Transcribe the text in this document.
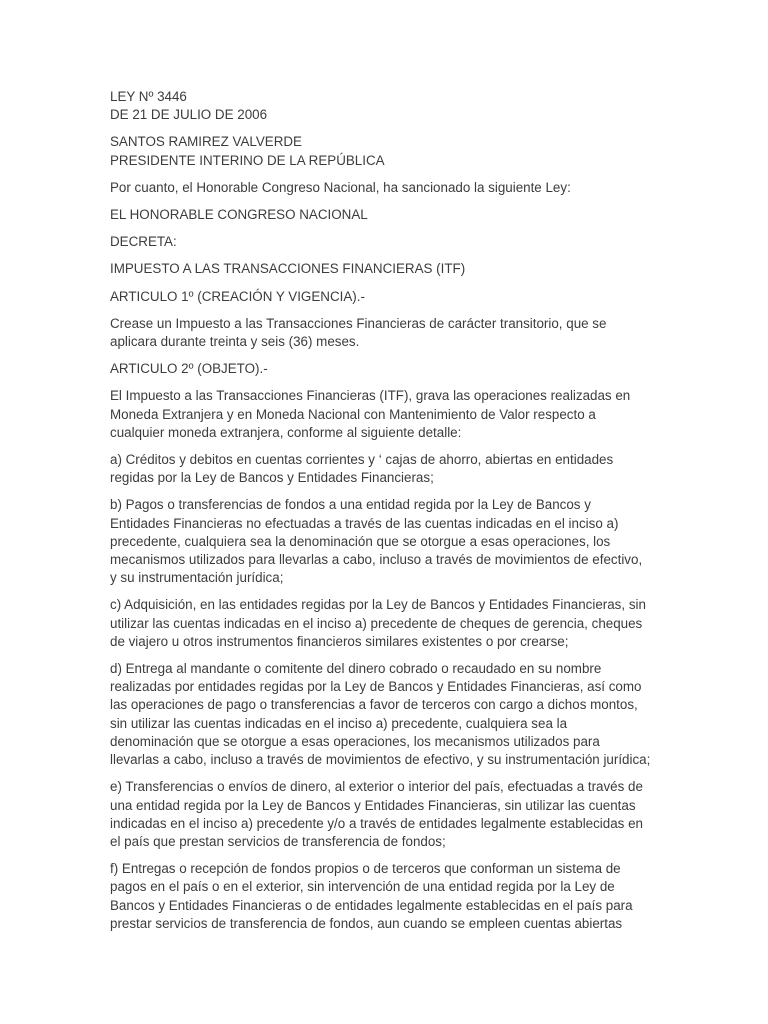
LEY Nº 3446
DE 21 DE JULIO DE 2006

SANTOS RAMIREZ VALVERDE
PRESIDENTE INTERINO DE LA REPÚBLICA

Por cuanto, el Honorable Congreso Nacional, ha sancionado la siguiente Ley:

EL HONORABLE CONGRESO NACIONAL

DECRETA:

IMPUESTO A LAS TRANSACCIONES FINANCIERAS (ITF)

ARTICULO 1º (CREACIÓN Y VIGENCIA).-

Crease un Impuesto a las Transacciones Financieras de carácter transitorio, que se
aplicara durante treinta y seis (36) meses.

ARTICULO 2º (OBJETO).-

El Impuesto a las Transacciones Financieras (ITF), grava las operaciones realizadas en
Moneda Extranjera y en Moneda Nacional con Mantenimiento de Valor respecto a
cualquier moneda extranjera, conforme al siguiente detalle:

a) Créditos y debitos en cuentas corrientes y ‘ cajas de ahorro, abiertas en entidades
regidas por la Ley de Bancos y Entidades Financieras;

b) Pagos o transferencias de fondos a una entidad regida por la Ley de Bancos y
Entidades Financieras no efectuadas a través de las cuentas indicadas en el inciso a)
precedente, cualquiera sea la denominación que se otorgue a esas operaciones, los
mecanismos utilizados para llevarlas a cabo, incluso a través de movimientos de efectivo,
y su instrumentación jurídica;

c) Adquisición, en las entidades regidas por la Ley de Bancos y Entidades Financieras, sin
utilizar las cuentas indicadas en el inciso a) precedente de cheques de gerencia, cheques
de viajero u otros instrumentos financieros similares existentes o por crearse;

d) Entrega al mandante o comitente del dinero cobrado o recaudado en su nombre
realizadas por entidades regidas por la Ley de Bancos y Entidades Financieras, así como
las operaciones de pago o transferencias a favor de terceros con cargo a dichos montos,
sin utilizar las cuentas indicadas en el inciso a) precedente, cualquiera sea la
denominación que se otorgue a esas operaciones, los mecanismos utilizados para
llevarlas a cabo, incluso a través de movimientos de efectivo, y su instrumentación jurídica;

e) Transferencias o envíos de dinero, al exterior o interior del país, efectuadas a través de
una entidad regida por la Ley de Bancos y Entidades Financieras, sin utilizar las cuentas
indicadas en el inciso a) precedente y/o a través de entidades legalmente establecidas en
el país que prestan servicios de transferencia de fondos;

f) Entregas o recepción de fondos propios o de terceros que conforman un sistema de
pagos en el país o en el exterior, sin intervención de una entidad regida por la Ley de
Bancos y Entidades Financieras o de entidades legalmente establecidas en el país para
prestar servicios de transferencia de fondos, aun cuando se empleen cuentas abiertas
